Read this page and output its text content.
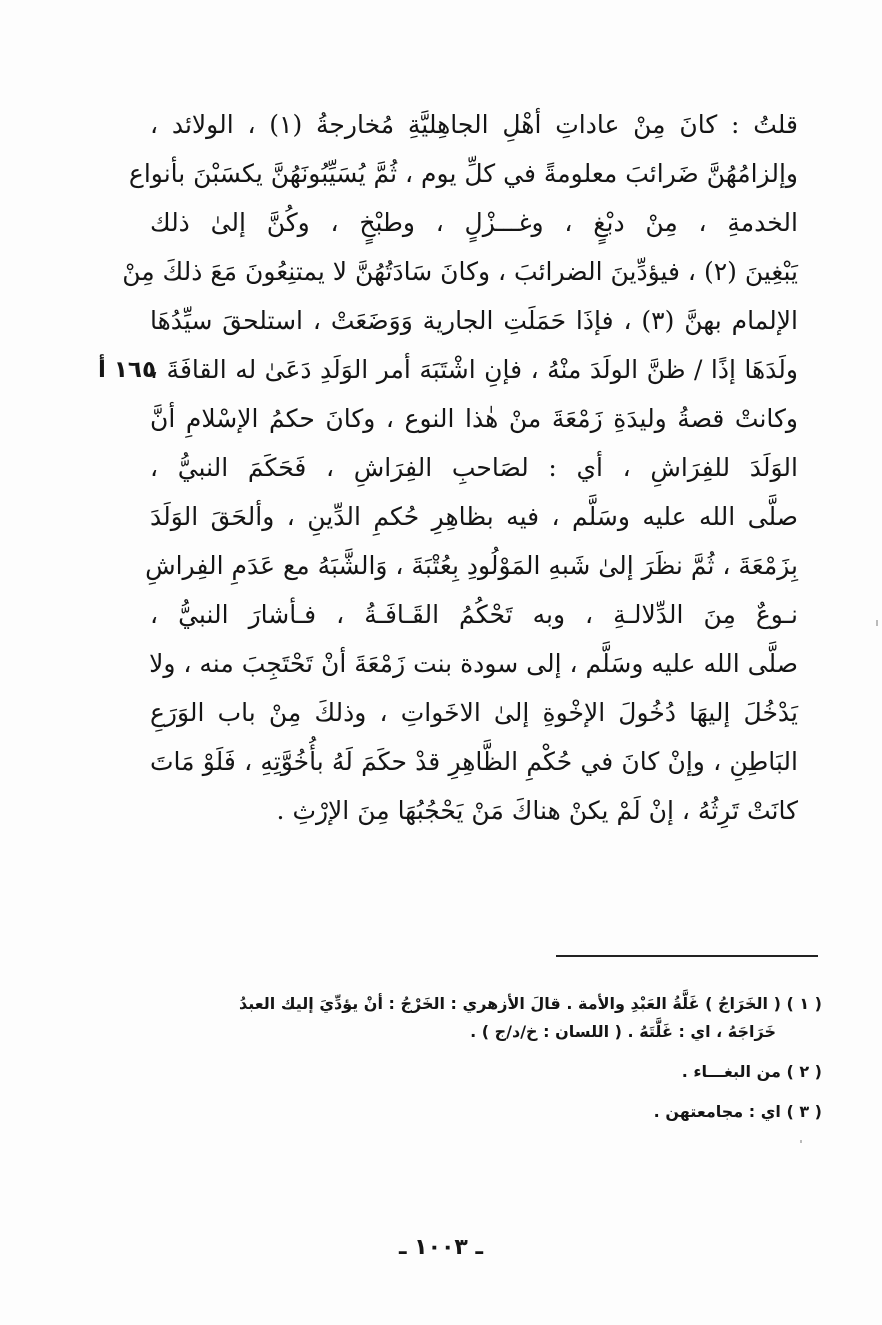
قلتُ : كانَ مِنْ عاداتِ أهْلِ الجاهِليَّةِ مُخارجةُ (١) ، الولائد ،
وإلزامُهُنَّ ضَرائبَ معلومةً في كلِّ يوم ، ثُمَّ يُسَيِّبُونَهُنَّ يكسَبْنَ بأنواع
الخدمةِ ، مِنْ دبْغٍ ، وغـــزْلٍ ، وطبْخٍ ، وكُنَّ إلىٰ ذلك
يَبْغِينَ (٢) ، فيؤدِّينَ الضرائبَ ، وكانَ سَادَتُهُنَّ لا يمتنِعُونَ مَعَ ذلكَ مِنْ
الإلمام بهنَّ (٣) ، فإذَا حَمَلَتِ الجارية وَوَضَعَتْ ، استلحقَ سيِّدُهَا
ولَدَهَا إذًا / ظنَّ الولَدَ منْهُ ، فإنِ اشْتَبَهَ أمر الوَلَدِ دَعَىٰ له القافَةَ ،
وكانتْ قصةُ وليدَةِ زَمْعَةَ منْ هٰذا النوع ، وكانَ حكمُ الإسْلامِ أنَّ
الوَلَدَ للفِرَاشِ ، أي : لصَاحبِ الفِرَاشِ ، فَحَكَمَ النبيُّ ،
صلَّى الله عليه وسَلَّم ، فيه بظاهِرِ حُكمِ الدِّينِ ، وألحَقَ الوَلَدَ
بِزَمْعَةَ ، ثُمَّ نظَرَ إلىٰ شَبهِ المَوْلُودِ بِعُتْبَةَ ، وَالشَّبَهُ مع عَدَمِ الفِراشِ
نـوعٌ مِنَ الدِّلالـةِ ، وبه تَحْكُمُ القَـافَـةُ ، فـأشارَ النبيُّ ،
صلَّى الله عليه وسَلَّم ، إلى سودة بنت زَمْعَةَ أنْ تَحْتَجِبَ منه ، ولا
يَدْخُلَ إليهَا دُخُولَ الإخْوةِ إلىٰ الاخَواتِ ، وذلكَ مِنْ باب الوَرَعِ
البَاطِنِ ، وإنْ كانَ في حُكْمِ الظَّاهِرِ قدْ حكَمَ لَهُ بأُخُوَّتِهِ ، فَلَوْ مَاتَ
كانَتْ تَرِثُهُ ، إنْ لَمْ يكنْ هناكَ مَنْ يَحْجُبُهَا مِنَ الإرْثِ .
١٦٥ أ
( ١ ) ( الخَرَاجُ ) غَلَّةُ العَبْدِ والأمة . قالَ الأزهري : الخَرْجُ : أنْ يؤدِّيَ إليك العبدُ
خَرَاجَهُ ، اي : غَلَّتَهُ . ( اللسان : خ/د/ج ) .
( ٢ ) من البغـــاء .
( ٣ ) اي : مجامعتهن .
ـ ١٠٠٣ ـ
